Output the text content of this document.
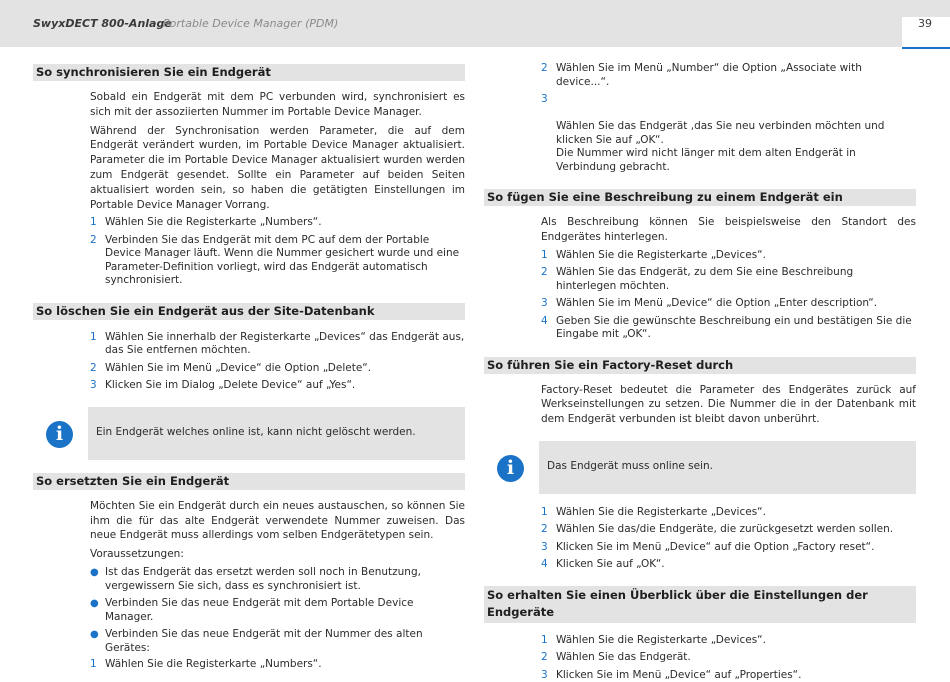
SwyxDECT 800-Anlage
Portable Device Manager (PDM)	39
So synchronisieren Sie ein Endgerät

Sobald ein Endgerät mit dem PC verbunden wird, synchronisiert es sich mit der assoziierten Nummer im Portable Device Manager.

Während der Synchronisation werden Parameter, die auf dem Endgerät verändert wurden, im Portable Device Manager aktualisiert. Parameter die im Portable Device Manager aktualisiert wurden werden zum Endgerät gesendet. Sollte ein Parameter auf beiden Seiten aktualisiert worden sein, so haben die getätigten Einstellungen im Portable Device Manager Vorrang.

1 Wählen Sie die Registerkarte „Numbers“.
2 Verbinden Sie das Endgerät mit dem PC auf dem der Portable Device Manager läuft. Wenn die Nummer gesichert wurde und eine Parameter-Definition vorliegt, wird das Endgerät automatisch synchronisiert.
So löschen Sie ein Endgerät aus der Site-Datenbank
1 Wählen Sie innerhalb der Registerkarte „Devices“ das Endgerät aus, das Sie entfernen möchten.
2 Wählen Sie im Menü „Device“ die Option „Delete“.
3 Klicken Sie im Dialog „Delete Device“ auf „Yes“.
i	Ein Endgerät welches online ist, kann nicht gelöscht werden.
So ersetzten Sie ein Endgerät

Möchten Sie ein Endgerät durch ein neues austauschen, so können Sie ihm die für das alte Endgerät verwendete Nummer zuweisen. Das neue Endgerät muss allerdings vom selben Endgerätetypen sein.

Voraussetzungen:

● Ist das Endgerät das ersetzt werden soll noch in Benutzung, vergewissern Sie sich, dass es synchronisiert ist.
● Verbinden Sie das neue Endgerät mit dem Portable Device Manager.
● Verbinden Sie das neue Endgerät mit der Nummer des alten Gerätes:
1 Wählen Sie die Registerkarte „Numbers“.
2 Wählen Sie im Menü „Number“ die Option „Associate with device...“.

3

Wählen Sie das Endgerät ,das Sie neu verbinden möchten und klicken Sie auf „OK“.
Die Nummer wird nicht länger mit dem alten Endgerät in Verbindung gebracht.

So fügen Sie eine Beschreibung zu einem Endgerät ein

Als Beschreibung können Sie beispielsweise den Standort des Endgerätes hinterlegen.

1 Wählen Sie die Registerkarte „Devices“.
2 Wählen Sie das Endgerät, zu dem Sie eine Beschreibung hinterlegen möchten.
3 Wählen Sie im Menü „Device“ die Option „Enter description“.
4 Geben Sie die gewünschte Beschreibung ein und bestätigen Sie die Eingabe mit „OK“.
So führen Sie ein Factory-Reset durch

Factory-Reset bedeutet die Parameter des Endgerätes zurück auf Werkseinstellungen zu setzen. Die Nummer die in der Datenbank mit dem Endgerät verbunden ist bleibt davon unberührt.

i	Das Endgerät muss online sein.
1 Wählen Sie die Registerkarte „Devices“.
2 Wählen Sie das/die Endgeräte, die zurückgesetzt werden sollen.
3 Klicken Sie im Menü „Device“ auf die Option „Factory reset“.
4 Klicken Sie auf „OK“.
So erhalten Sie einen Überblick über die Einstellungen der Endgeräte
1 Wählen Sie die Registerkarte „Devices“.
2 Wählen Sie das Endgerät.
3 Klicken Sie im Menü „Device“ auf „Properties“.
